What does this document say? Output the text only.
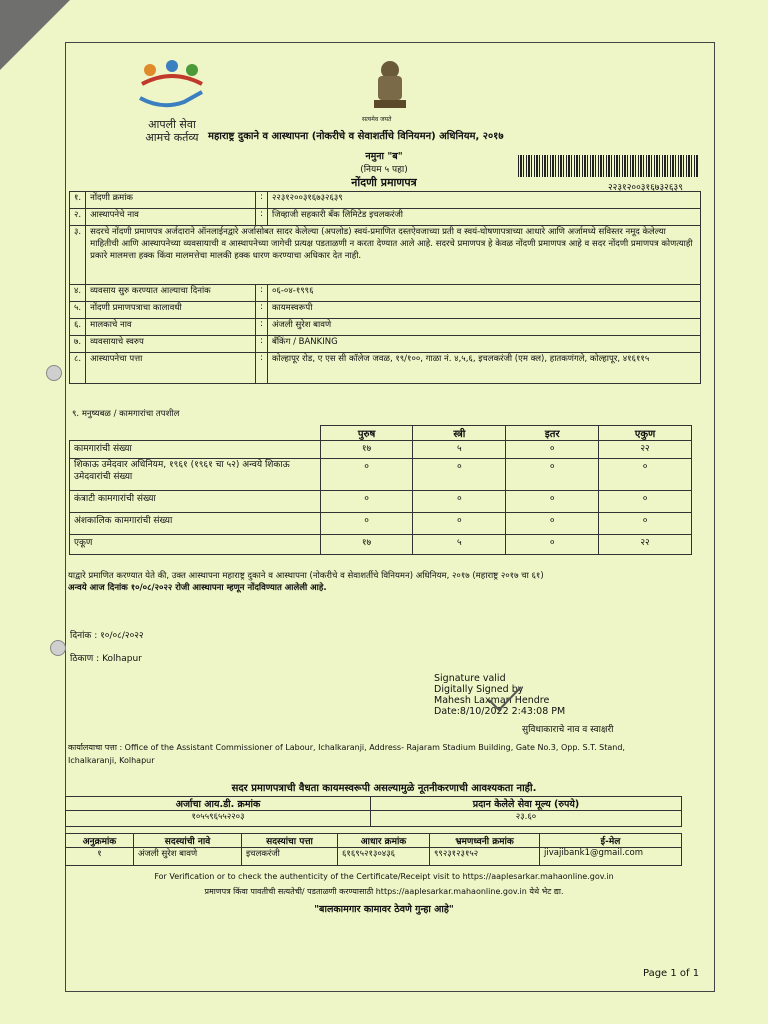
आपली सेवा
आमचे कर्तव्य
सत्यमेव जयते
महाराष्ट्र दुकाने व आस्थापना (नोकरीचे व सेवाशर्तीचे विनियमन) अधिनियम, २०१७
नमुना "ब"
(नियम ५ पहा)
नोंदणी प्रमाणपत्र	२२३१२००३१६७३२६३९
१.	नोंदणी क्रमांक	:	२२३१२००३१६७३२६३९
२.	आस्थापनेचे नाव	:	जिव्हाजी सहकारी बँक लिमिटेड इचलकरंजी
३.	सदरचे नोंदणी प्रमाणपत्र अर्जदाराने ऑनलाईनद्वारे अर्जासोबत सादर केलेल्या (अपलोड) स्वयं-प्रमाणित दस्तऐवजाच्या प्रती व स्वयं-घोषणापत्राच्या आधारे आणि अर्जामध्ये सविस्तर नमूद केलेल्या माहितीची आणि आस्थापनेच्या व्यवसायाची व आस्थापनेच्या जागेची प्रत्यक्ष पडताळणी न करता देण्यात आले आहे. सदरचे प्रमाणपत्र हे केवळ नोंदणी प्रमाणपत्र आहे व सदर नोंदणी प्रमाणपत्र कोणत्याही प्रकारे मालमत्ता हक्क किंवा मालमत्तेचा मालकी हक्क धारण करण्याचा अधिकार देत नाही.		
४.	व्यवसाय सुरु करण्यात आल्याचा दिनांक	:	०६-०४-१९९६
५.	नोंदणी प्रमाणपत्राचा कालावधी	:	कायमस्वरूपी
६.	मालकाचे नाव	:	अंजली सुरेश बावणे
७.	व्यवसायाचे स्वरुप	:	बँकिंग / BANKING
८.	आस्थापनेचा पत्ता	:	कोल्हापूर रोड, ए एस सी कॉलेज जवळ, १९/१००, गाळा नं. ४,५,६, इचलकरंजी (एम क्ल), हातकणंगले, कोल्हापूर, ४१६११५
९. मनुष्यबळ / कामगारांचा तपशील
	पुरुष	स्त्री	इतर	एकुण
कामगारांची संख्या	१७	५	०	२२
शिकाऊ उमेदवार अधिनियम, १९६१ (१९६१ चा ५२) अन्वये शिकाऊ उमेदवारांची संख्या	०	०	०	०
कंत्राटी कामगारांची संख्या	०	०	०	०
अंशकालिक कामगारांची संख्या	०	०	०	०
एकूण	१७	५	०	२२
याद्वारे प्रमाणित करण्यात येते की, उक्त आस्थापना महाराष्ट्र दुकाने व आस्थापना (नोकरीचे व सेवाशर्तीचे विनियमन) अधिनियम, २०१७ (महाराष्ट्र २०१७ चा ६१)
अन्वये आज दिनांक १०/०८/२०२२ रोजी आस्थापना म्हणून नोंदविण्यात आलेली आहे.
दिनांक : १०/०८/२०२२
ठिकाण : Kolhapur
Signature valid
Digitally Signed by
Mahesh Laxman Hendre
Date:8/10/2022 2:43:08 PM
सुविधाकाराचे नाव व स्वाक्षरी
कार्यालयाचा पत्ता : Office of the Assistant Commissioner of Labour, Ichalkaranji, Address- Rajaram Stadium Building, Gate No.3, Opp. S.T. Stand,
Ichalkaranji, Kolhapur
सदर प्रमाणपत्राची वैधता कायमस्वरूपी असल्यामुळे नूतनीकरणाची आवश्यकता नाही.
अर्जाचा आय.डी. क्रमांक	प्रदान केलेले सेवा मूल्य (रुपये)
१०५५९६५५२२०३	२३.६०
अनुक्रमांक	सदस्यांची नावे	सदस्यांचा पत्ता	आधार क्रमांक	भ्रमणध्वनी क्रमांक	ई-मेल
१	अंजली सुरेश बावणे	इचलकरंजी	६१६९५२१३०४३६	९९२३१२३१५२	jivajibank1@gmail.com
For Verification or to check the authenticity of the Certificate/Receipt visit to https://aaplesarkar.mahaonline.gov.in
प्रमाणपत्र किंवा पावतीची सत्यतेची/ पडताळणी करण्यासाठी https://aaplesarkar.mahaonline.gov.in येथे भेट द्या.
"बालकामगार कामावर ठेवणे गुन्हा आहे"
Page 1 of 1
